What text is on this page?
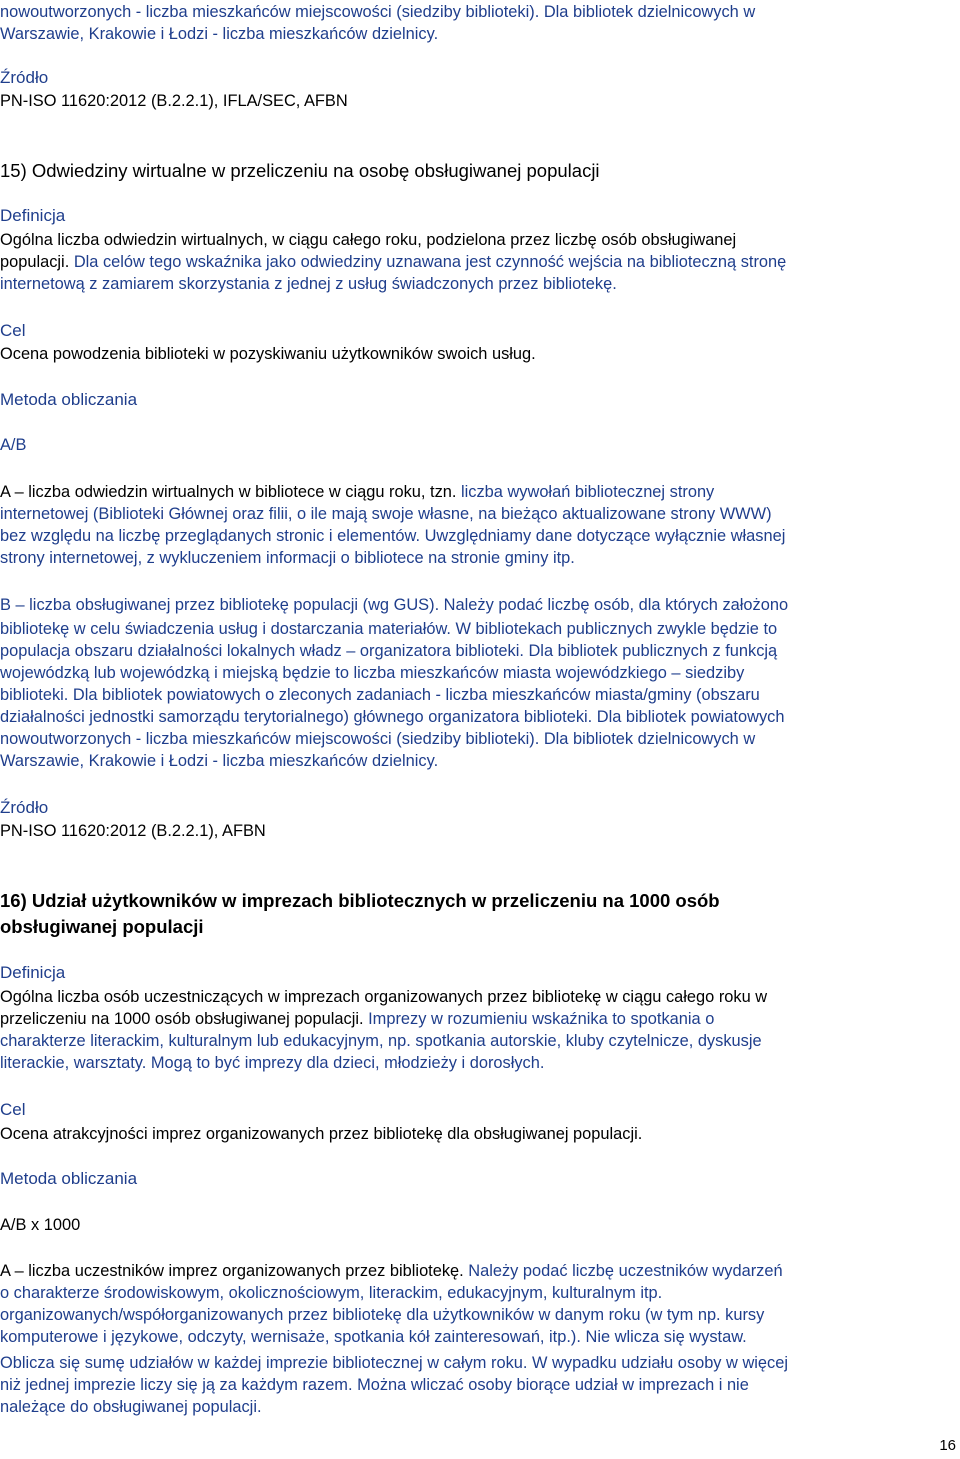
nowoutworzonych - liczba mieszkańców miejscowości (siedziby biblioteki). Dla bibliotek dzielnicowych w

Warszawie, Krakowie i Łodzi - liczba mieszkańców dzielnicy.

Źródło

PN-ISO 11620:2012 (B.2.2.1), IFLA/SEC, AFBN

15) Odwiedziny wirtualne w przeliczeniu na osobę obsługiwanej populacji

Definicja

Ogólna liczba odwiedzin wirtualnych, w ciągu całego roku, podzielona przez liczbę osób obsługiwanej

populacji. Dla celów tego wskaźnika jako odwiedziny uznawana jest czynność wejścia na biblioteczną stronę

internetową z zamiarem skorzystania z jednej z usług świadczonych przez bibliotekę.

Cel

Ocena powodzenia biblioteki w pozyskiwaniu użytkowników swoich usług.

Metoda obliczania

A/B

A – liczba odwiedzin wirtualnych w bibliotece w ciągu roku, tzn. liczba wywołań bibliotecznej strony

internetowej (Biblioteki Głównej oraz filii, o ile mają swoje własne, na bieżąco aktualizowane strony WWW)

bez względu na liczbę przeglądanych stronic i elementów. Uwzględniamy dane dotyczące wyłącznie własnej

strony internetowej, z wykluczeniem informacji o bibliotece na stronie gminy itp.

B – liczba obsługiwanej przez bibliotekę populacji (wg GUS). Należy podać liczbę osób, dla których założono

bibliotekę w celu świadczenia usług i dostarczania materiałów. W bibliotekach publicznych zwykle będzie to

populacja obszaru działalności lokalnych władz – organizatora biblioteki. Dla bibliotek publicznych z funkcją

wojewódzką lub wojewódzką i miejską będzie to liczba mieszkańców miasta wojewódzkiego – siedziby

biblioteki. Dla bibliotek powiatowych o zleconych zadaniach - liczba mieszkańców miasta/gminy (obszaru

działalności jednostki samorządu terytorialnego) głównego organizatora biblioteki. Dla bibliotek powiatowych

nowoutworzonych - liczba mieszkańców miejscowości (siedziby biblioteki). Dla bibliotek dzielnicowych w

Warszawie, Krakowie i Łodzi - liczba mieszkańców dzielnicy.

Źródło

PN-ISO 11620:2012 (B.2.2.1), AFBN

16) Udział użytkowników w imprezach bibliotecznych w przeliczeniu na 1000 osób

obsługiwanej populacji

Definicja

Ogólna liczba osób uczestniczących w imprezach organizowanych przez bibliotekę w ciągu całego roku w

przeliczeniu na 1000 osób obsługiwanej populacji. Imprezy w rozumieniu wskaźnika to spotkania o

charakterze literackim, kulturalnym lub edukacyjnym, np. spotkania autorskie, kluby czytelnicze, dyskusje

literackie, warsztaty. Mogą to być imprezy dla dzieci, młodzieży i dorosłych.

Cel

Ocena atrakcyjności imprez organizowanych przez bibliotekę dla obsługiwanej populacji.

Metoda obliczania

A/B x 1000

A – liczba uczestników imprez organizowanych przez bibliotekę. Należy podać liczbę uczestników wydarzeń

o charakterze środowiskowym, okolicznościowym, literackim, edukacyjnym, kulturalnym itp.

organizowanych/współorganizowanych przez bibliotekę dla użytkowników w danym roku (w tym np. kursy

komputerowe i językowe, odczyty, wernisaże, spotkania kół zainteresowań, itp.). Nie wlicza się wystaw.

Oblicza się sumę udziałów w każdej imprezie bibliotecznej w całym roku. W wypadku udziału osoby w więcej

niż jednej imprezie liczy się ją za każdym razem. Można wliczać osoby biorące udział w imprezach i nie

należące do obsługiwanej populacji.

16
